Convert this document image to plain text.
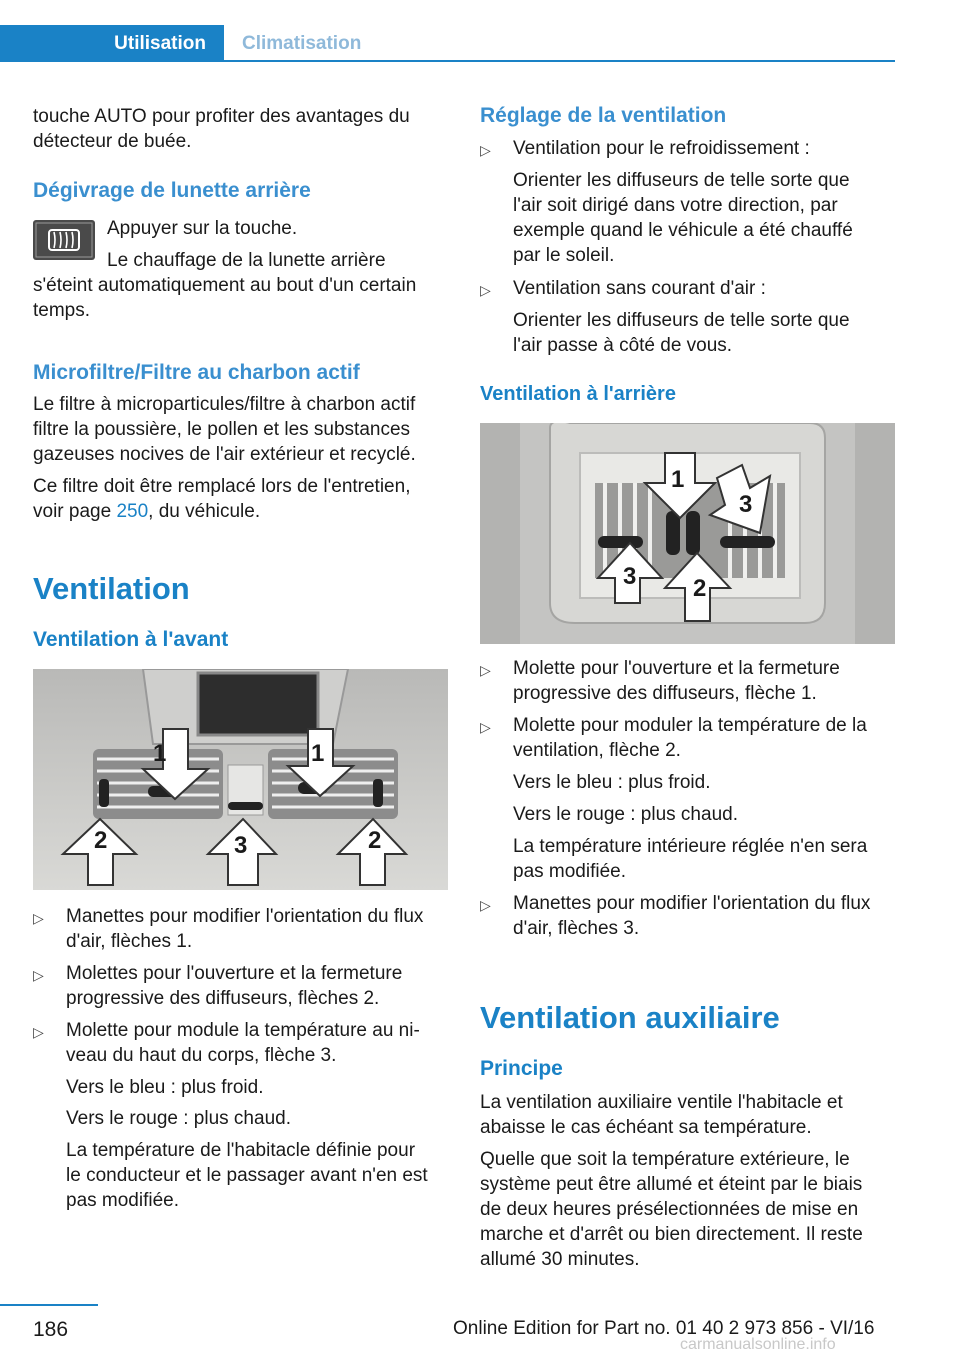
Utilisation	Climatisation
touche AUTO pour profiter des avantages du
détecteur de buée.
Dégivrage de lunette arrière
Appuyer sur la touche.
Le chauffage de la lunette arrière
s'éteint automatiquement au bout d'un certain
temps.
Microfiltre/Filtre au charbon actif
Le filtre à microparticules/filtre à charbon actif
filtre la poussière, le pollen et les substances
gazeuses nocives de l'air extérieur et recyclé.
Ce filtre doit être remplacé lors de l'entretien,
voir page 250, du véhicule.
Ventilation
Ventilation à l'avant
1	1
2	3	2
▷ Manettes pour modifier l'orientation du flux
d'air, flèches 1.
▷ Molettes pour l'ouverture et la fermeture
progressive des diffuseurs, flèches 2.
▷ Molette pour module la température au ni-
veau du haut du corps, flèche 3.
Vers le bleu : plus froid.
Vers le rouge : plus chaud.
La température de l'habitacle définie pour
le conducteur et le passager avant n'en est
pas modifiée.
Réglage de la ventilation
▷ Ventilation pour le refroidissement :
Orienter les diffuseurs de telle sorte que
l'air soit dirigé dans votre direction, par
exemple quand le véhicule a été chauffé
par le soleil.
▷ Ventilation sans courant d'air :
Orienter les diffuseurs de telle sorte que
l'air passe à côté de vous.
Ventilation à l'arrière
1
3
3 2
▷ Molette pour l'ouverture et la fermeture
progressive des diffuseurs, flèche 1.
▷ Molette pour moduler la température de la
ventilation, flèche 2.
Vers le bleu : plus froid.
Vers le rouge : plus chaud.
La température intérieure réglée n'en sera
pas modifiée.
▷ Manettes pour modifier l'orientation du flux
d'air, flèches 3.
Ventilation auxiliaire
Principe
La ventilation auxiliaire ventile l'habitacle et
abaisse le cas échéant sa température.
Quelle que soit la température extérieure, le
système peut être allumé et éteint par le biais
de deux heures présélectionnées de mise en
marche et d'arrêt ou bien directement. Il reste
allumé 30 minutes.
186	Online Edition for Part no. 01 40 2 973 856 - VI/16
carmanualsonline.info
